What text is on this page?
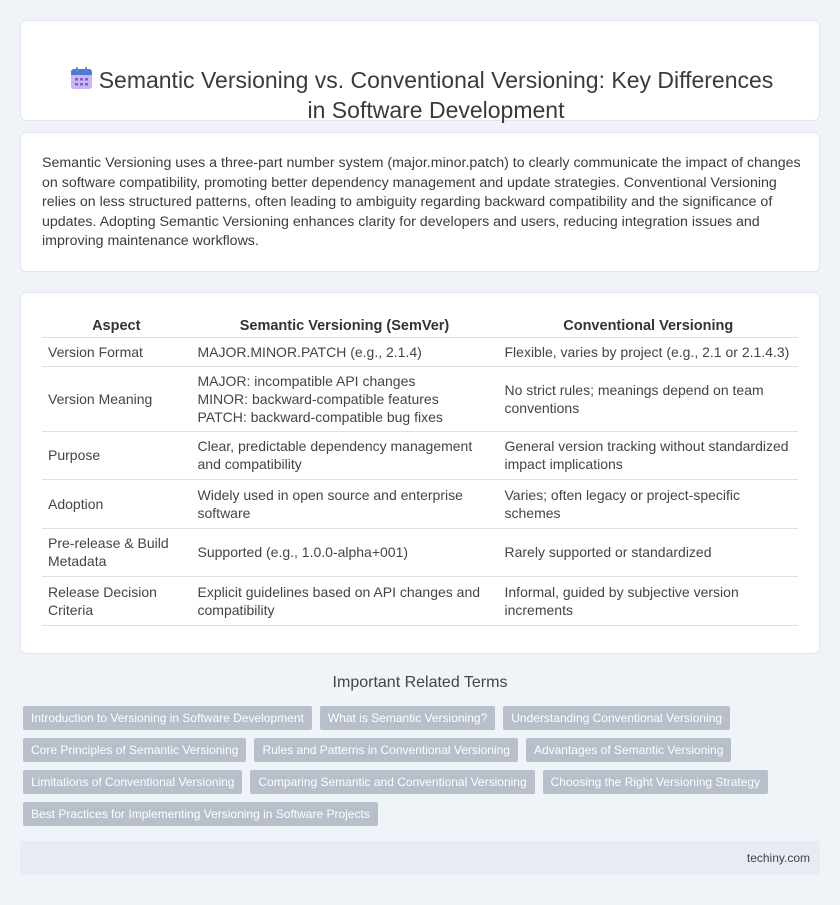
Semantic Versioning vs. Conventional Versioning: Key Differences in Software Development

Semantic Versioning uses a three-part number system (major.minor.patch) to clearly communicate the impact of changes on software compatibility, promoting better dependency management and update strategies. Conventional Versioning relies on less structured patterns, often leading to ambiguity regarding backward compatibility and the significance of updates. Adopting Semantic Versioning enhances clarity for developers and users, reducing integration issues and improving maintenance workflows.

Aspect	Semantic Versioning (SemVer)	Conventional Versioning
Version Format	MAJOR.MINOR.PATCH (e.g., 2.1.4)	Flexible, varies by project (e.g., 2.1 or 2.1.4.3)
Version Meaning	MAJOR: incompatible API changes
MINOR: backward-compatible features
PATCH: backward-compatible bug fixes	No strict rules; meanings depend on team conventions
Purpose	Clear, predictable dependency management and compatibility	General version tracking without standardized impact implications
Adoption	Widely used in open source and enterprise software	Varies; often legacy or project-specific schemes
Pre-release & Build Metadata	Supported (e.g., 1.0.0-alpha+001)	Rarely supported or standardized
Release Decision Criteria	Explicit guidelines based on API changes and compatibility	Informal, guided by subjective version increments
Important Related Terms
Introduction to Versioning in Software Development	What is Semantic Versioning?	Understanding Conventional Versioning
Core Principles of Semantic Versioning	Rules and Patterns in Conventional Versioning	Advantages of Semantic Versioning
Limitations of Conventional Versioning	Comparing Semantic and Conventional Versioning	Choosing the Right Versioning Strategy
Best Practices for Implementing Versioning in Software Projects
techiny.com
